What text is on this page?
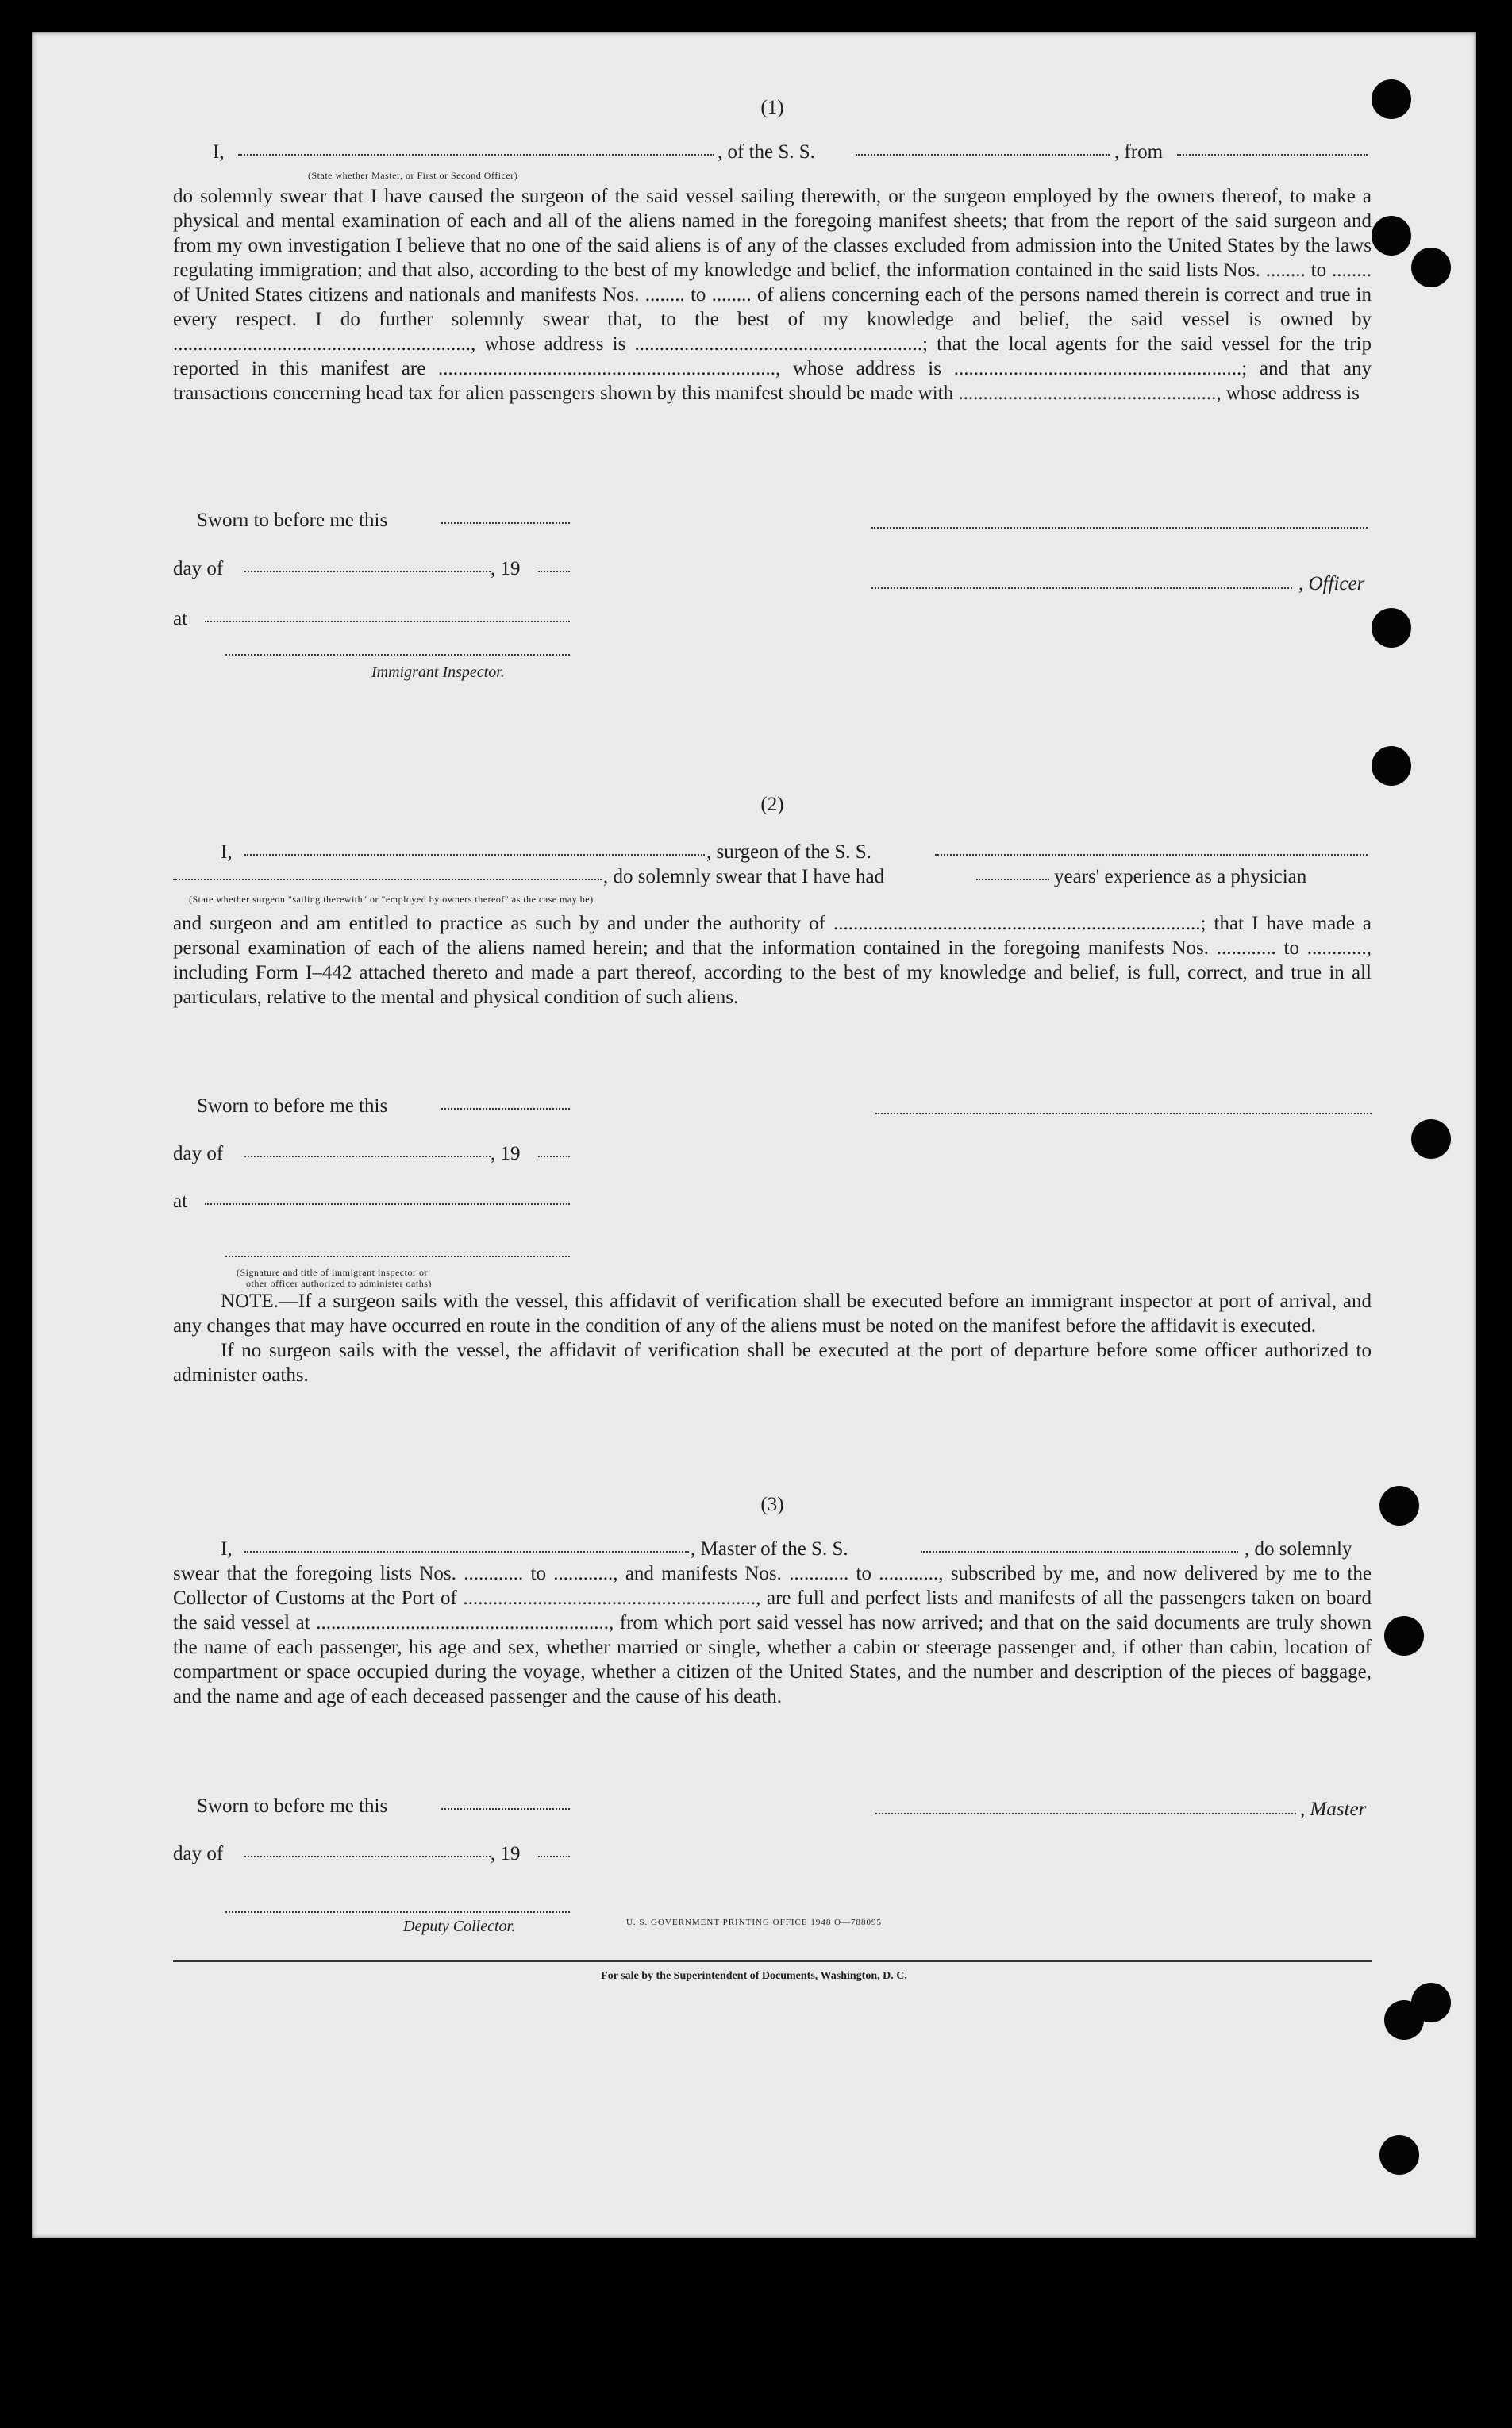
(1)
I,	, of the S. S.	, from
(State whether Master, or First or Second Officer)

do solemnly swear that I have caused the surgeon of the said vessel sailing therewith, or the surgeon employed by the owners thereof, to make a physical and mental examination of each and all of the aliens named in the foregoing manifest sheets; that from the report of the said surgeon and from my own investigation I believe that no one of the said aliens is of any of the classes excluded from admission into the United States by the laws regulating immigration; and that also, according to the best of my knowledge and belief, the information contained in the said lists Nos. ........ to ........ of United States citizens and nationals and manifests Nos. ........ to ........ of aliens concerning each of the persons named therein is correct and true in every respect. I do further solemnly swear that, to the best of my knowledge and belief, the said vessel is owned by ............................................................, whose address is ..........................................................; that the local agents for the said vessel for the trip reported in this manifest are ...................................................................., whose address is ..........................................................; and that any transactions concerning head tax for alien passengers shown by this manifest should be made with ...................................................., whose address is

Sworn to before me this
day of	, 19
, Officer
at
Immigrant Inspector.
(2)
I,	, surgeon of the S. S.
, do solemnly swear that I have had	years' experience as a physician
(State whether surgeon "sailing therewith" or "employed by owners thereof" as the case may be)

and surgeon and am entitled to practice as such by and under the authority of ..........................................................................; that I have made a personal examination of each of the aliens named herein; and that the information contained in the foregoing manifests Nos. ............ to ............, including Form I–442 attached thereto and made a part thereof, according to the best of my knowledge and belief, is full, correct, and true in all particulars, relative to the mental and physical condition of such aliens.

Sworn to before me this
day of	, 19
at
(Signature and title of immigrant inspector or
other officer authorized to administer oaths)

NOTE.—If a surgeon sails with the vessel, this affidavit of verification shall be executed before an immigrant inspector at port of arrival, and any changes that may have occurred en route in the condition of any of the aliens must be noted on the manifest before the affidavit is executed.

If no surgeon sails with the vessel, the affidavit of verification shall be executed at the port of departure before some officer authorized to administer oaths.

(3)
I,	, Master of the S. S.	, do solemnly

swear that the foregoing lists Nos. ............ to ............, and manifests Nos. ............ to ............, subscribed by me, and now delivered by me to the Collector of Customs at the Port of ..........................................................., are full and perfect lists and manifests of all the passengers taken on board the said vessel at ..........................................................., from which port said vessel has now arrived; and that on the said documents are truly shown the name of each passenger, his age and sex, whether married or single, whether a cabin or steerage passenger and, if other than cabin, location of compartment or space occupied during the voyage, whether a citizen of the United States, and the number and description of the pieces of baggage, and the name and age of each deceased passenger and the cause of his death.

Sworn to before me this	, Master
day of	, 19
Deputy Collector.	U. S. GOVERNMENT PRINTING OFFICE 1948 O—788095
For sale by the Superintendent of Documents, Washington, D. C.
